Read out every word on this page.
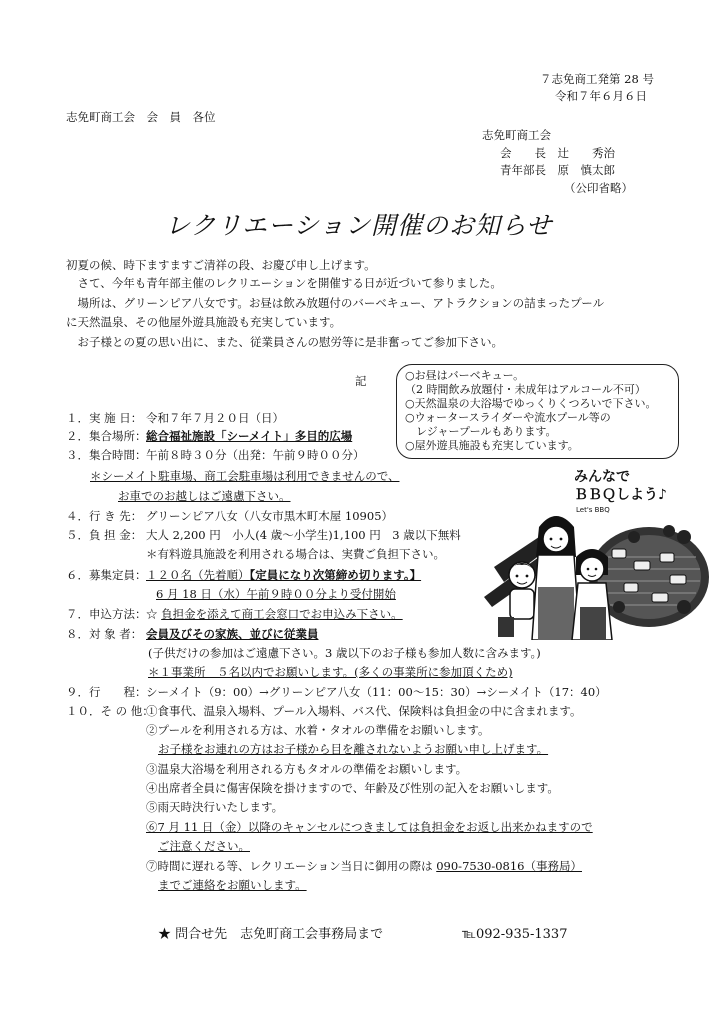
７志免商工発第 28 号
令和７年６月６日
志免町商工会　会　員　各位
志免町商工会
会　　長　辻　　秀治
青年部長　原　慎太郎
（公印省略）
レクリエーション開催のお知らせ
初夏の候、時下ますますご清祥の段、お慶び申し上げます。
　さて、今年も青年部主催のレクリエーションを開催する日が近づいて参りました。
　場所は、グリーンピア八女です。お昼は飲み放題付のバーベキュー、アトラクションの詰まったプール
に天然温泉、その他屋外遊具施設も充実しています。
　お子様との夏の思い出に、また、従業員さんの慰労等に是非奮ってご参加下さい。
記	○お昼はバーベキュー。
（2 時間飲み放題付・未成年はアルコール不可）
○天然温泉の大浴場でゆっくりくつろいで下さい。
○ウォータースライダーや流水プール等の
　レジャープールもあります。
○屋外遊具施設も充実しています。
みんなで
ＢＢＱしよう♪
Let's BBQ
１．実 施 日： 令和７年７月２０日（日）
２．集合場所：総合福祉施設「シーメイト」多目的広場
３．集合時間：午前８時３０分（出発：午前９時００分）
＊シーメイト駐車場、商工会駐車場は利用できませんので、
お車でのお越しはご遠慮下さい。
４．行 き 先： グリーンピア八女（八女市黒木町木屋 10905）
５．負 担 金： 大人 2,200 円　小人(4 歳～小学生)1,100 円　3 歳以下無料
＊有料遊具施設を利用される場合は、実費ご負担下さい。
６．募集定員：１２０名（先着順）【定員になり次第締め切ります。】
6 月 18 日（水）午前９時００分より受付開始
７．申込方法：☆ 負担金を添えて商工会窓口でお申込み下さい。
８．対 象 者： 会員及びその家族、並びに従業員
(子供だけの参加はご遠慮下さい。3 歳以下のお子様も参加人数に含みます。)
＊１事業所　５名以内でお願いします。(多くの事業所に参加頂くため)
９．行　　程：シーメイト（9：00）→グリーンピア八女（11：00～15：30）→シーメイト（17：40）
１０．そ の 他：①食事代、温泉入場料、プール入場料、バス代、保険料は負担金の中に含まれます。
②プールを利用される方は、水着・タオルの準備をお願いします。
お子様をお連れの方はお子様から目を離されないようお願い申し上げます。
③温泉大浴場を利用される方もタオルの準備をお願いします。
④出席者全員に傷害保険を掛けますので、年齢及び性別の記入をお願いします。
⑤雨天時決行いたします。
⑥7 月 11 日（金）以降のキャンセルにつきましては負担金をお返し出来かねますので
ご注意ください。
⑦時間に遅れる等、レクリエーション当日に御用の際は 090-7530-0816（事務局）
までご連絡をお願いします。
★ 問合せ先　志免町商工会事務局まで	℡092-935-1337
